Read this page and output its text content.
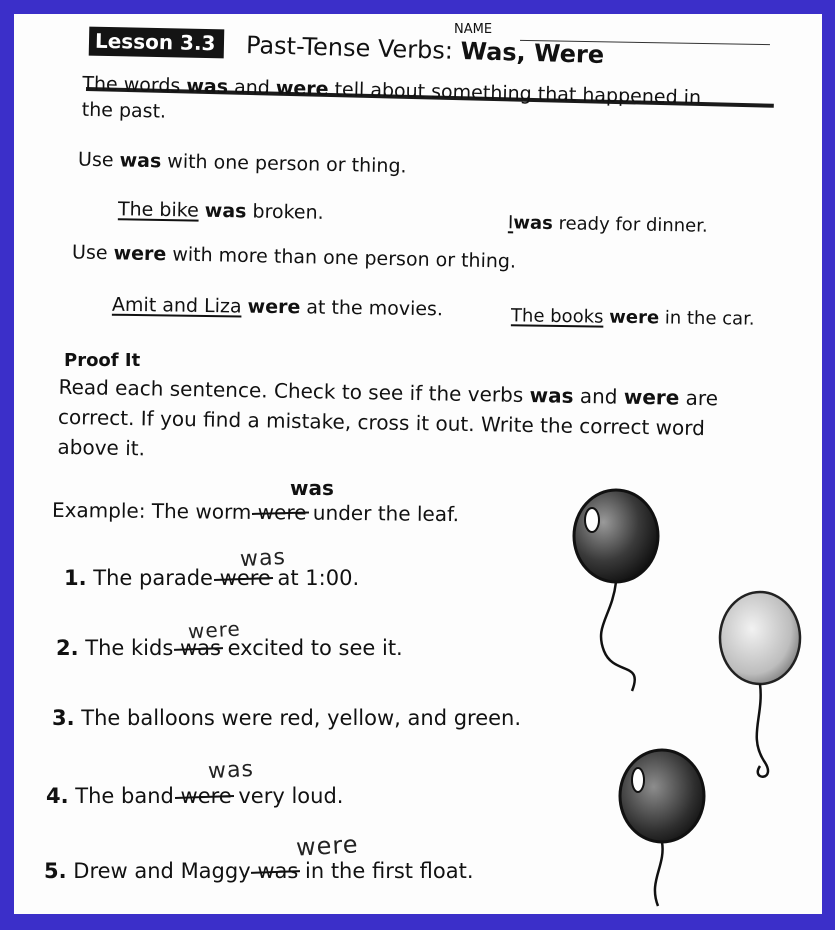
Lesson 3.3	Past-Tense Verbs: Was, Were
NAME
The words was and were tell about something that happened in the past.
Use was with one person or thing.
The bike was broken.	Iwas ready for dinner.
Use were with more than one person or thing.
Amit and Liza were at the movies.	The books were in the car.
Proof It
Read each sentence. Check to see if the verbs was and were are correct. If you find a mistake, cross it out. Write the correct word above it.
was
Example: The worm were under the leaf.
was
1. The parade were at 1:00.
were
2. The kids was excited to see it.
3. The balloons were red, yellow, and green.
was
4. The band were very loud.
were
5. Drew and Maggy was in the first float.
